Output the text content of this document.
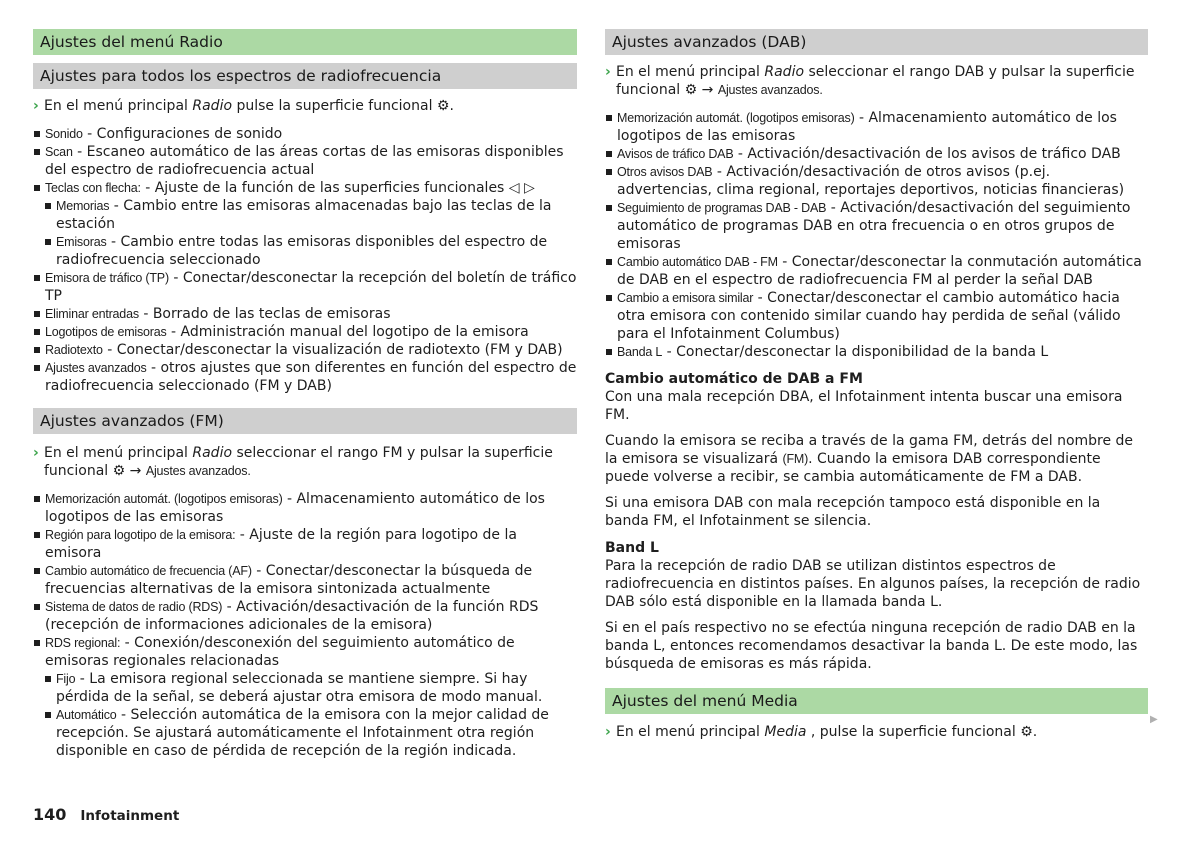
Ajustes del menú Radio
Ajustes para todos los espectros de radiofrecuencia

› En el menú principal Radio pulse la superficie funcional ⚙.

Sonido - Configuraciones de sonido
Scan - Escaneo automático de las áreas cortas de las emisoras disponibles del espectro de radiofrecuencia actual
Teclas con flecha: - Ajuste de la función de las superficies funcionales ◁ ▷
Memorias - Cambio entre las emisoras almacenadas bajo las teclas de la estación
Emisoras - Cambio entre todas las emisoras disponibles del espectro de radiofrecuencia seleccionado
Emisora de tráfico (TP) - Conectar/desconectar la recepción del boletín de tráfico TP
Eliminar entradas - Borrado de las teclas de emisoras
Logotipos de emisoras - Administración manual del logotipo de la emisora
Radiotexto - Conectar/desconectar la visualización de radiotexto (FM y DAB)
Ajustes avanzados - otros ajustes que son diferentes en función del espectro de radiofrecuencia seleccionado (FM y DAB)
Ajustes avanzados (FM)

› En el menú principal Radio seleccionar el rango FM y pulsar la superficie funcional ⚙ → Ajustes avanzados.

Memorización automát. (logotipos emisoras) - Almacenamiento automático de los logotipos de las emisoras
Región para logotipo de la emisora: - Ajuste de la región para logotipo de la emisora
Cambio automático de frecuencia (AF) - Conectar/desconectar la búsqueda de frecuencias alternativas de la emisora sintonizada actualmente
Sistema de datos de radio (RDS) - Activación/desactivación de la función RDS (recepción de informaciones adicionales de la emisora)
RDS regional: - Conexión/desconexión del seguimiento automático de emisoras regionales relacionadas
Fijo - La emisora regional seleccionada se mantiene siempre. Si hay pérdida de la señal, se deberá ajustar otra emisora de modo manual.
Automático - Selección automática de la emisora con la mejor calidad de recepción. Se ajustará automáticamente el Infotainment otra región disponible en caso de pérdida de recepción de la región indicada.
Ajustes avanzados (DAB)

› En el menú principal Radio seleccionar el rango DAB y pulsar la superficie funcional ⚙ → Ajustes avanzados.

Memorización automát. (logotipos emisoras) - Almacenamiento automático de los logotipos de las emisoras
Avisos de tráfico DAB - Activación/desactivación de los avisos de tráfico DAB
Otros avisos DAB - Activación/desactivación de otros avisos (p.ej. advertencias, clima regional, reportajes deportivos, noticias financieras)
Seguimiento de programas DAB - DAB - Activación/desactivación del seguimiento automático de programas DAB en otra frecuencia o en otros grupos de emisoras
Cambio automático DAB - FM - Conectar/desconectar la conmutación automática de DAB en el espectro de radiofrecuencia FM al perder la señal DAB
Cambio a emisora similar - Conectar/desconectar el cambio automático hacia otra emisora con contenido similar cuando hay perdida de señal (válido para el Infotainment Columbus)
Banda L - Conectar/desconectar la disponibilidad de la banda L

Cambio automático de DAB a FM

Con una mala recepción DBA, el Infotainment intenta buscar una emisora FM.

Cuando la emisora se reciba a través de la gama FM, detrás del nombre de la emisora se visualizará (FM). Cuando la emisora DAB correspondiente puede volverse a recibir, se cambia automáticamente de FM a DAB.

Si una emisora DAB con mala recepción tampoco está disponible en la banda FM, el Infotainment se silencia.

Band L

Para la recepción de radio DAB se utilizan distintos espectros de radiofrecuencia en distintos países. En algunos países, la recepción de radio DAB sólo está disponible en la llamada banda L.

Si en el país respectivo no se efectúa ninguna recepción de radio DAB en la banda L, entonces recomendamos desactivar la banda L. De este modo, las búsqueda de emisoras es más rápida.

Ajustes del menú Media

› En el menú principal Media , pulse la superficie funcional ⚙.

▶
140 Infotainment
